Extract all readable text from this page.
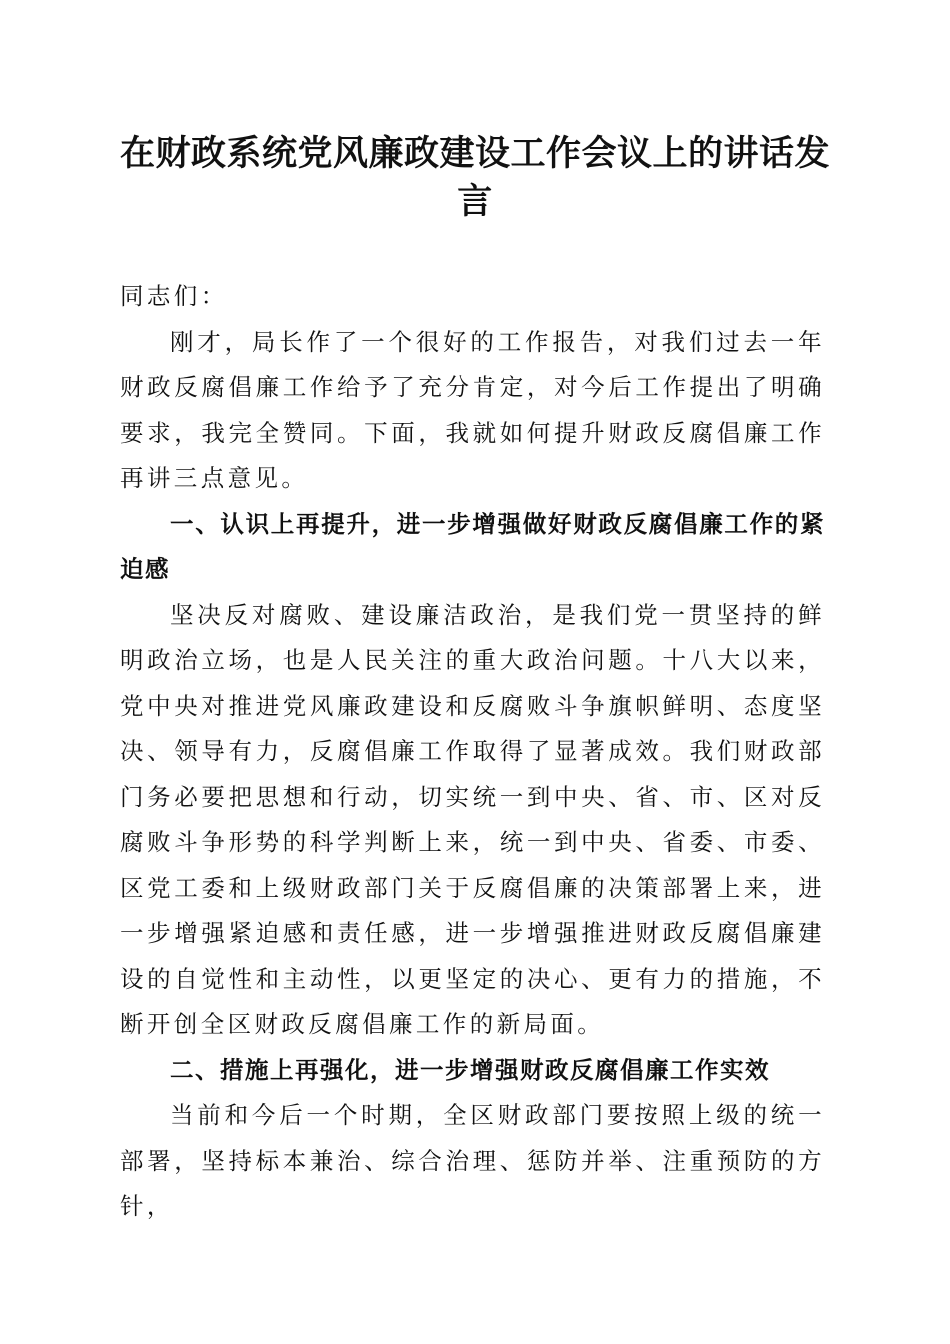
在财政系统党风廉政建设工作会议上的讲话发言

同志们：

刚才，局长作了一个很好的工作报告，对我们过去一年财政反腐倡廉工作给予了充分肯定，对今后工作提出了明确要求，我完全赞同。下面，我就如何提升财政反腐倡廉工作再讲三点意见。

一、认识上再提升，进一步增强做好财政反腐倡廉工作的紧迫感

坚决反对腐败、建设廉洁政治，是我们党一贯坚持的鲜明政治立场，也是人民关注的重大政治问题。十八大以来，党中央对推进党风廉政建设和反腐败斗争旗帜鲜明、态度坚决、领导有力，反腐倡廉工作取得了显著成效。我们财政部门务必要把思想和行动，切实统一到中央、省、市、区对反腐败斗争形势的科学判断上来，统一到中央、省委、市委、区党工委和上级财政部门关于反腐倡廉的决策部署上来，进一步增强紧迫感和责任感，进一步增强推进财政反腐倡廉建设的自觉性和主动性，以更坚定的决心、更有力的措施，不断开创全区财政反腐倡廉工作的新局面。

二、措施上再强化，进一步增强财政反腐倡廉工作实效

当前和今后一个时期，全区财政部门要按照上级的统一部署，坚持标本兼治、综合治理、惩防并举、注重预防的方针，
